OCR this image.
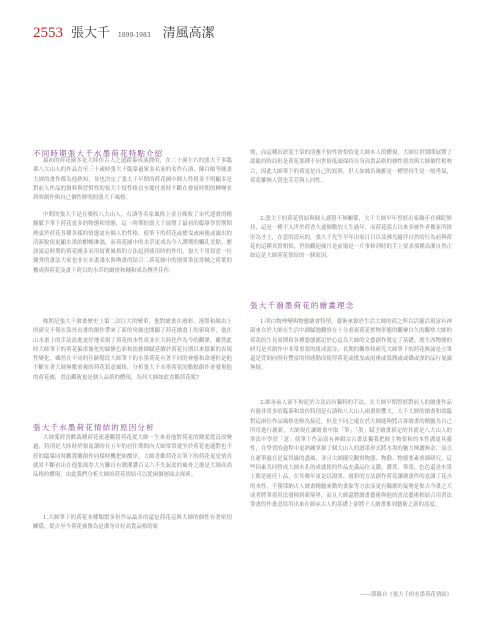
2553 張大千 1899-1983 清風高潔
不同時期張大千水墨荷花特點介紹

最初的荷花圖多是大陸仿古人之遺蹟摹成演繹的，在二十歲左右的張大千多臨摹八大山人的作品直至三十歲時張大千臨摹過眾多名家的名作石濤、陳白陽等圖畫大師的畫作都為他熟知，並也決定了張大千早期的荷花圖中個人性格並不明顯多是對前人作品的資料與習慣性的張大千寫性格直至慶付畫時不斷在發展時期的轉變並到時創作與自己個性鮮明的張大千風格。

中期的張大千是在吸收八大山人，石濤等名家風格上並且吸收了宋代建畫的精髓賦予筆下荷花更多的物態和情態，這一時期的張大千展覽了最初的臨摹學習期間熱衷於荷花各種各樣的情態更有個人的性格，使筆下的荷花或搖曳或兩後或露出的清新脫俗更顯水墨的酣暢淋漓，而荷花圖中的水草更成為今人讚嘆的觸孔美點。應該說這時期的荷花圖多采用寫實風格的方法起到使用時的作用，張大千用寫意一位優秀的畫法大家也非在未畫淺水與嚕畫的結合二荷花圖中的潑墨筆法常輔之荷葉的構成與荷花及畫下荷以的水草的緻密和輔和成為傳世佳作。

晚期是張大千繪畫歷史上第二次巨大的變革，他對繪畫在潑彩、潑墨和顏由上的研究不僅在海外出畫的創作帶來了新的突破也開闢了荷花繪畫上的新境界，他在山水畫上的手法改進更好地表現了荷花的本性成並在大陸化作為今的觀眾，雖然此時大師筆下的荷花偏重簡化的線條色彩和淡雅細膩延續於荷花長期以來積累的表現性變化，雖然在不同的年齡階段大師筆下的水墨荷花有著不同的神態和命運但是他不斷在著大師無數重複的荷花寫意風格，分析張大千水墨荷花的點點創作會發現他的荷花圖，書法觀術更是個人品格的體現，為何大師如此喜歡荷花呢?

張大千水墨荷花情結的原因分析

大師愛荷喜歡栽種荷花流連觀賞荷花從大師一生來看他對荷花的鍾愛從沒改變過，特別是大陸時於嶺南讀時在五年的居住期間內大師常常就坐於荷花池邊對也不停的臨摹同時觀賞雕創作同樣時機把如攬岸，大師喜歡荷花在筆下的荷花更是情真就景不斷看出在他那深厚大方難自有潤潔讚百又六不失氣度的風骨之後是大師高尚品格的體現，由此我們分析大師的荷花情結可以從兩個層面去探索。

1.大師筆下的荷花本種類繁多但作品最多的還是荷花這與大師的個性有著密切關係，從古至今荷花被譽為是潔身自好高貴品格的象

徵，而這種出淤泥不染的清雅不俗性情恰恰是大師本人的體現，大師在世期間展覽了溫亂的時局但是荷花那種不向世俗低頭保持自身高貴品格的個性使其與大師個性相吻合，因此大師筆下的荷更是自己的寫照，世人如鳳負風雅是一種堅持生是一般勇氣，荷花雖無人賞也芬芳與人同性。

2.張大千的荷花情結與個人感覺不無關係，大千大師早年曾經出家賴年在佛院修持，這是一種不入世於荷香久遠個數的人生過年，而荷花那古以來多被作者佛家所推崇為才士，在悲的清玩的，張大千先生早年出家日日以及佛光隨伴自然的行為前與荷花的這種真實相似，世俗觀迎歲月是前場是一片事修到時的手上要求那種高潔自然正如這是大師荷花情結的一個原因。

張大千潑墨荷花的繪畫理念

1.明白物理變與物態繪會特情，藝術來源於生活大師的荷之所以活靈活現富有神韻來自於大師在生活中細膩地觀察在十分重視荷花實物形態的觀摩自久的觀察大師的荷花的生長周期和各種姿態都記於心這為大師的文藝創作奠定了基礎，既生西物態的研究是其創作中非常重要的組成部分，長期的觀察和研究大師筆下的荷花無論是立筆還是背倒向削有豐富的情感動而使得荷花或搖曳或雨後或溫潤或或嬌或深的品行展露無疑。

2.師承前人卻不拘泥於古法而有獨特的手法，在大師早期曾經對前人的繪畫作品有過非常多的臨摹和效仿特別是石濤和八大山人兩畫影響大，大千大師的繪畫和效臨對這兩位作品風格也較為接近，但是不同之處在於大師能夠將古客繪畫的精髓為自己所用進行創新，大師現在讓繪畫中取「筆」「墨」賦予繪畫新定的其就是八大山人的筆法中學習「意」使筆下作品富有神韻宗古畫法獨我把握主物要和的本性溝更具靈性，在學習的過程中更熟練掌握了個大山人的潑墨形式將水墨的魅力揮灑無余，而且在運筆過在是氣得線的盡風，並且大師擺究觀察物態、物動、物態要素重細研究，這些因素共同營成大師水孔的成就使的作品充滿品位又濃，濃著、筆墨，色色還是水墨上都是絕佳上品，在其晚年更是以潑墨、潑彩的方法創作荷花讓繪畫作的意識了花卉的本性，不僅採納古人繪畫精髓來動的畫象等方法而更有獨創的氣勢是集古今畫之大成者將筆墨用法發揮到新境界，而且大師還將繪畫藝術與他的書法藝術相結合用書法筆畫的作畫意寫用出來在師承古人的基礎上卻將千人繪畫推到藝術之新的高度。

——節錄自《張大千的水墨荷花情結》
